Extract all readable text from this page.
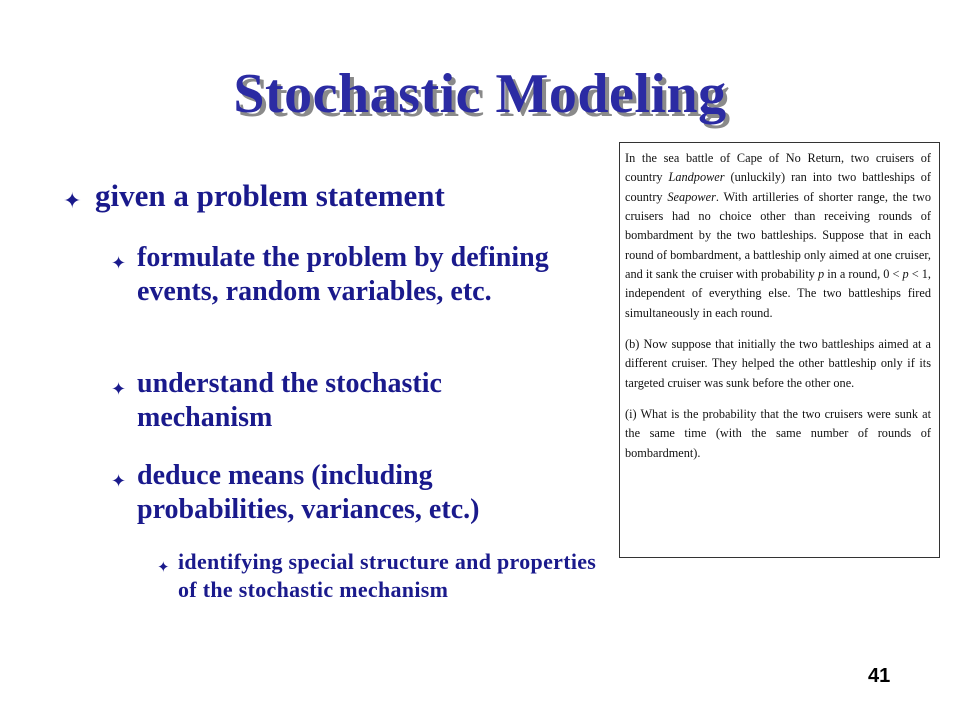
Stochastic Modeling
✦ given a problem statement
✦ formulate the problem by defining events, random variables, etc.
✦ understand the stochastic mechanism
✦ deduce means (including probabilities, variances, etc.)
✦ identifying special structure and properties of the stochastic mechanism

In the sea battle of Cape of No Return, two cruisers of country Landpower (unluckily) ran into two battleships of country Seapower. With artilleries of shorter range, the two cruisers had no choice other than receiving rounds of bombardment by the two battleships. Suppose that in each round of bombardment, a battleship only aimed at one cruiser, and it sank the cruiser with probability p in a round, 0 < p < 1, independent of everything else. The two battleships fired simultaneously in each round.

(b) Now suppose that initially the two battleships aimed at a different cruiser. They helped the other battleship only if its targeted cruiser was sunk before the other one.

(i) What is the probability that the two cruisers were sunk at the same time (with the same number of rounds of bombardment).

41
